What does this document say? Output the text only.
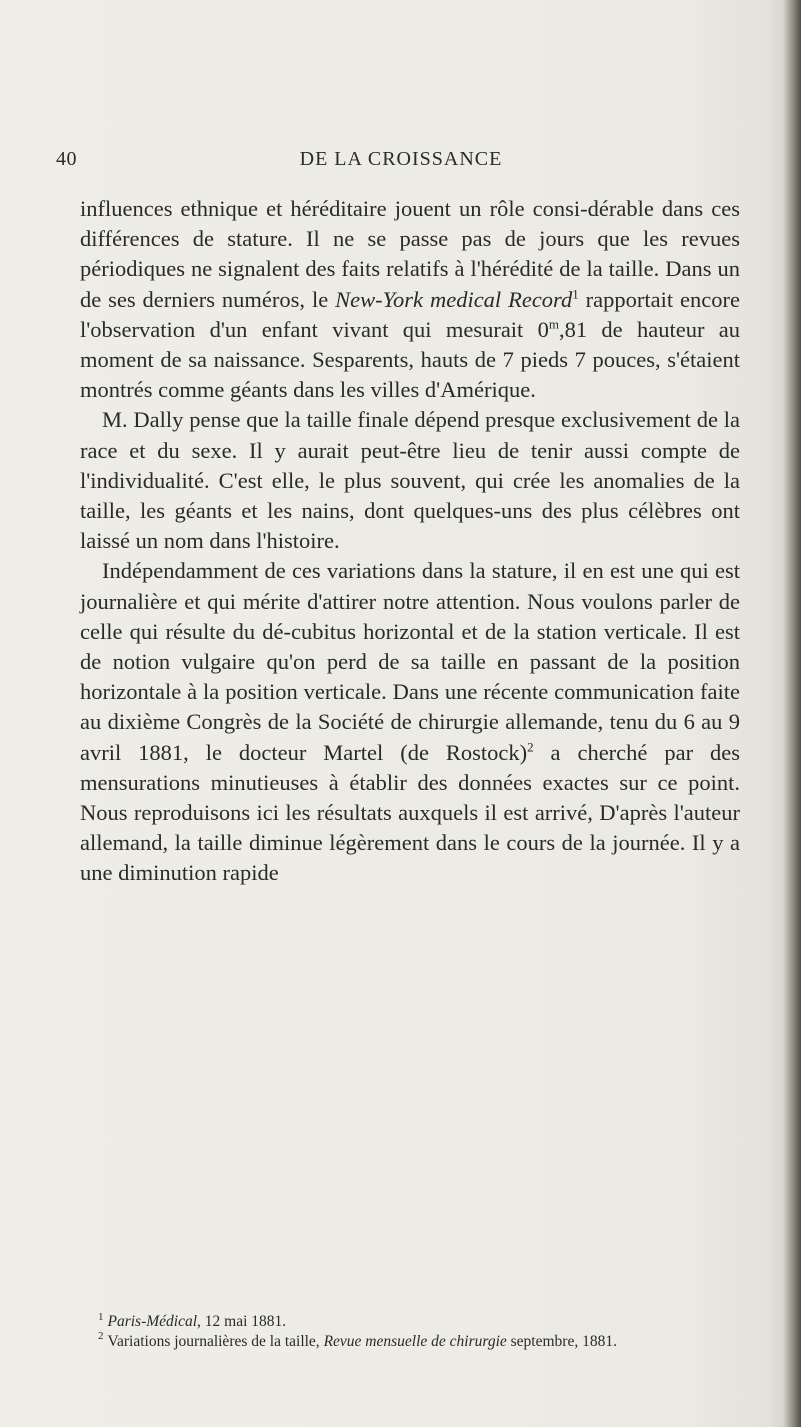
40	DE LA CROISSANCE

influences ethnique et héréditaire jouent un rôle consi-dérable dans ces différences de stature. Il ne se passe pas de jours que les revues périodiques ne signalent des faits relatifs à l'hérédité de la taille. Dans un de ses derniers numéros, le New-York medical Record$^1$ rapportait encore l'observation d'un enfant vivant qui mesurait 0$^m$,81 de hauteur au moment de sa naissance. Sesparents, hauts de 7 pieds 7 pouces, s'étaient montrés comme géants dans les villes d'Amérique.

M. Dally pense que la taille finale dépend presque exclusivement de la race et du sexe. Il y aurait peut-être lieu de tenir aussi compte de l'individualité. C'est elle, le plus souvent, qui crée les anomalies de la taille, les géants et les nains, dont quelques-uns des plus célèbres ont laissé un nom dans l'histoire.

Indépendamment de ces variations dans la stature, il en est une qui est journalière et qui mérite d'attirer notre attention. Nous voulons parler de celle qui résulte du dé-cubitus horizontal et de la station verticale. Il est de notion vulgaire qu'on perd de sa taille en passant de la position horizontale à la position verticale. Dans une récente communication faite au dixième Congrès de la Société de chirurgie allemande, tenu du 6 au 9 avril 1881, le docteur Martel (de Rostock)$^2$ a cherché par des mensurations minutieuses à établir des données exactes sur ce point. Nous reproduisons ici les résultats auxquels il est arrivé, D'après l'auteur allemand, la taille diminue légèrement dans le cours de la journée. Il y a une diminution rapide

$^1$ Paris-Médical, 12 mai 1881.

$^2$ Variations journalières de la taille, Revue mensuelle de chirurgie septembre, 1881.
